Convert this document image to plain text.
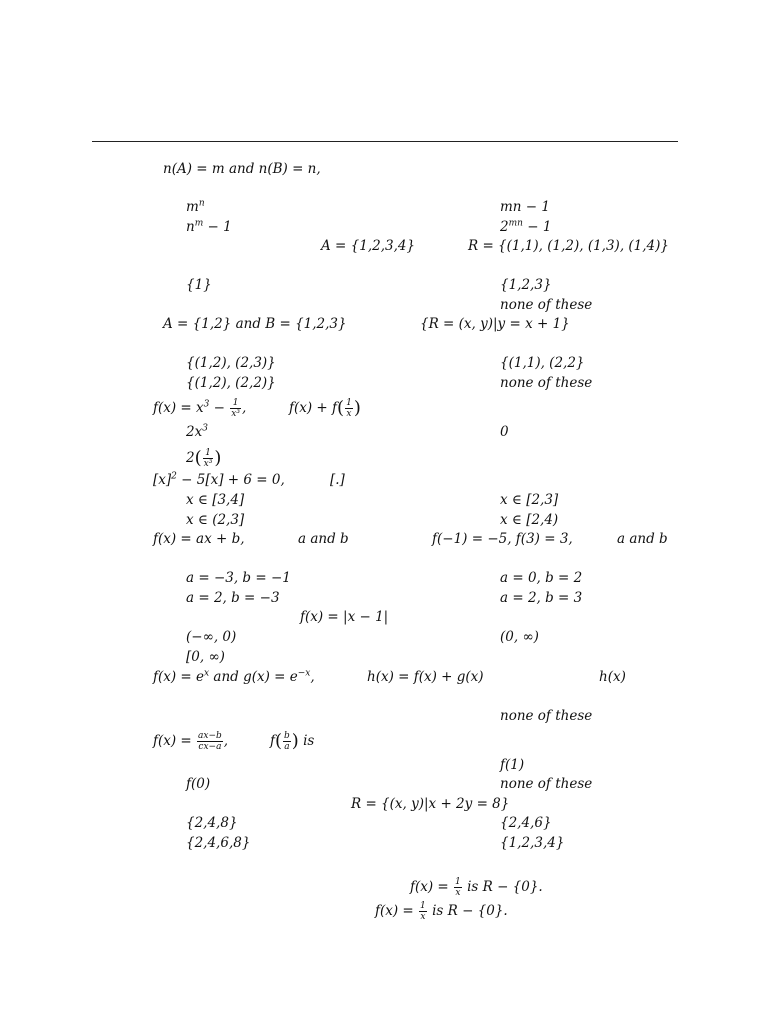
n(A) = m and n(B) = n,
$m^n$	mn − 1
$n^m - 1$	$2^{mn} - 1$
A = {1,2,3,4}	R = {(1,1), (1,2), (1,3), (1,4)}
{1}	{1,2,3}
none of these
A = {1,2} and B = {1,2,3}	{R = (x, y)|y = x + 1}
{(1,2), (2,3)}	{(1,1), (2,2}
{(1,2), (2,2)}	none of these
$f(x) = x^3 - \frac{1}{\text{x³}}$ ,	$f(x) + f( \frac{1}{x}$ )
$2x^3$	0
$2( \frac{1}{\text{x³}}$ )
$[x]^2 - 5[x] + 6 = 0$,	[.]
x ∈ [3,4]	x ∈ [2,3]
x ∈ (2,3]	x ∈ [2,4)
f(x) = ax + b,	a and b	f(−1) = −5, f(3) = 3,	a and b
a = −3, b = −1	a = 0, b = 2
a = 2, b = −3	a = 2, b = 3
f(x) = |x − 1|
(−∞, 0)	(0, ∞)
[0, ∞)
$f(x) = e^x$ and $g(x) = e^{-x}$,	h(x) = f(x) + g(x)	h(x)
none of these
$f(x) = \frac{ax-b}{cx-a}$ ,	$f( \frac{b}{a}$ ) is
f(1)
f(0)	none of these
R = {(x, y)|x + 2y = 8}
{2,4,8}	{2,4,6}
{2,4,6,8}	{1,2,3,4}
$f(x) = \frac{1}{x}$ is R − {0}.
$f(x) = \frac{1}{x}$ is R − {0}.
